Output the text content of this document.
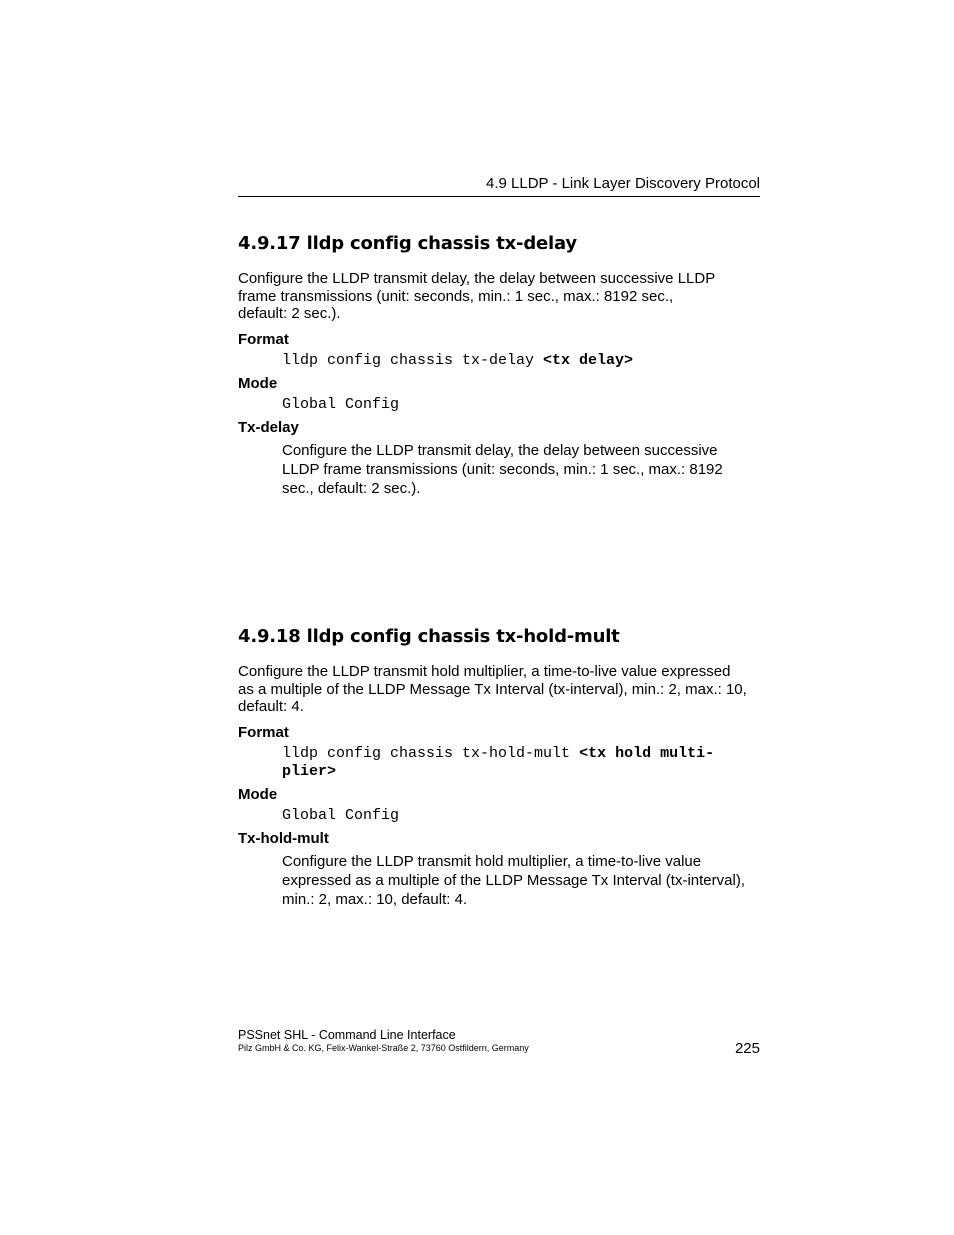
4.9 LLDP - Link Layer Discovery Protocol
4.9.17 lldp config chassis tx-delay

Configure the LLDP transmit delay, the delay between successive LLDP
frame transmissions (unit: seconds, min.: 1 sec., max.: 8192 sec.,
default: 2 sec.).

Format
lldp config chassis tx-delay <tx delay>
Mode
Global Config
Tx-delay
Configure the LLDP transmit delay, the delay between successive
LLDP frame transmissions (unit: seconds, min.: 1 sec., max.: 8192
sec., default: 2 sec.).
4.9.18 lldp config chassis tx-hold-mult

Configure the LLDP transmit hold multiplier, a time-to-live value expressed
as a multiple of the LLDP Message Tx Interval (tx-interval), min.: 2, max.: 10,
default: 4.

Format
lldp config chassis tx-hold-mult <tx hold multi-
plier>
Mode
Global Config
Tx-hold-mult
Configure the LLDP transmit hold multiplier, a time-to-live value
expressed as a multiple of the LLDP Message Tx Interval (tx-interval),
min.: 2, max.: 10, default: 4.
PSSnet SHL - Command Line Interface
Pilz GmbH & Co. KG, Felix-Wankel-Straße 2, 73760 Ostfildern, Germany	225
